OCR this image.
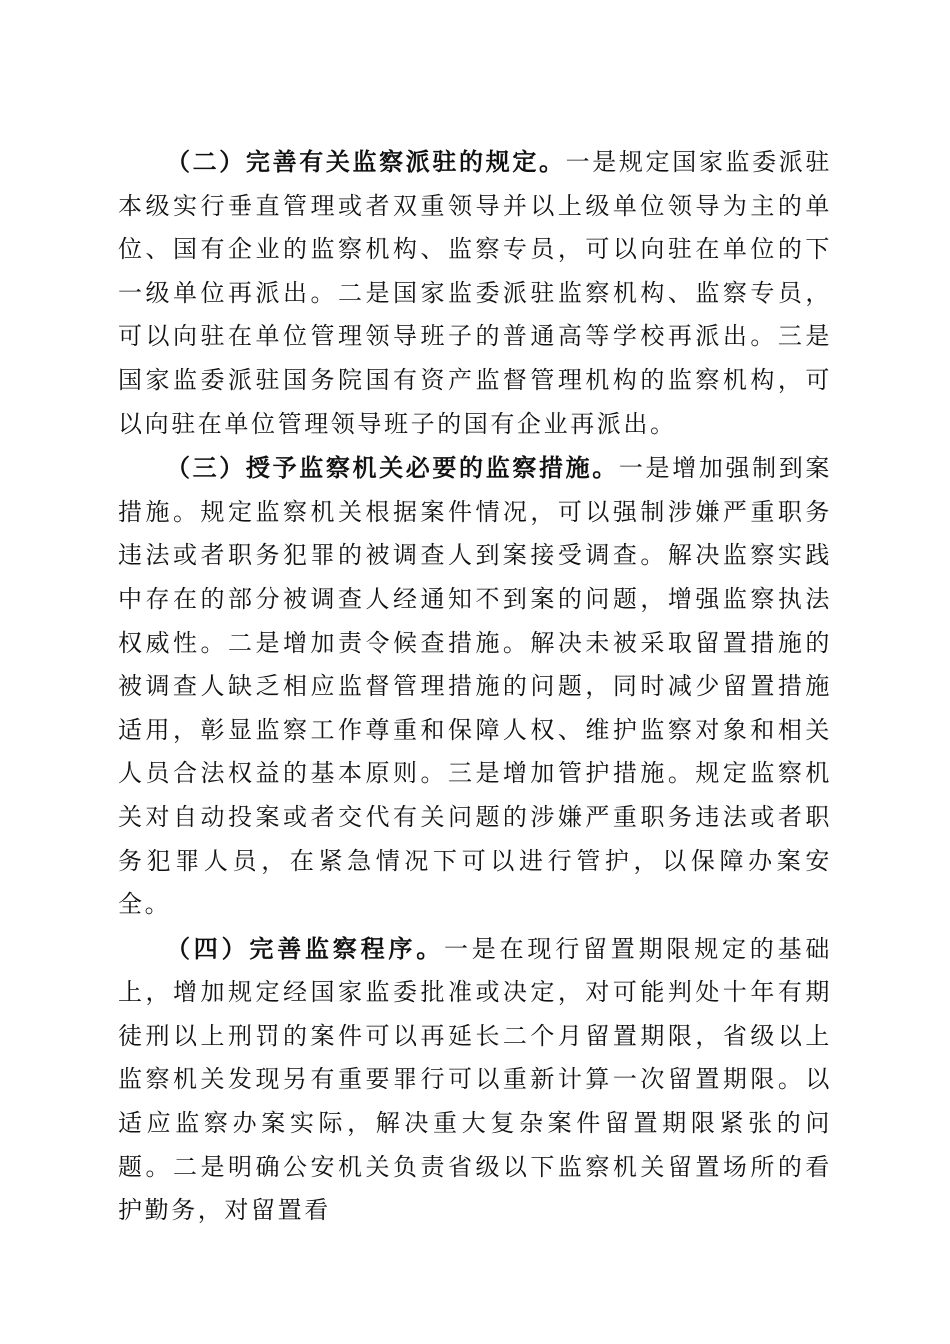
（二）完善有关监察派驻的规定。一是规定国家监委派驻本级实行垂直管理或者双重领导并以上级单位领导为主的单位、国有企业的监察机构、监察专员，可以向驻在单位的下一级单位再派出。二是国家监委派驻监察机构、监察专员，可以向驻在单位管理领导班子的普通高等学校再派出。三是国家监委派驻国务院国有资产监督管理机构的监察机构，可以向驻在单位管理领导班子的国有企业再派出。

（三）授予监察机关必要的监察措施。一是增加强制到案措施。规定监察机关根据案件情况，可以强制涉嫌严重职务违法或者职务犯罪的被调查人到案接受调查。解决监察实践中存在的部分被调查人经通知不到案的问题，增强监察执法权威性。二是增加责令候查措施。解决未被采取留置措施的被调查人缺乏相应监督管理措施的问题，同时减少留置措施适用，彰显监察工作尊重和保障人权、维护监察对象和相关人员合法权益的基本原则。三是增加管护措施。规定监察机关对自动投案或者交代有关问题的涉嫌严重职务违法或者职务犯罪人员，在紧急情况下可以进行管护，以保障办案安全。

（四）完善监察程序。一是在现行留置期限规定的基础上，增加规定经国家监委批准或决定，对可能判处十年有期徒刑以上刑罚的案件可以再延长二个月留置期限，省级以上监察机关发现另有重要罪行可以重新计算一次留置期限。以适应监察办案实际，解决重大复杂案件留置期限紧张的问题。二是明确公安机关负责省级以下监察机关留置场所的看护勤务，对留置看
